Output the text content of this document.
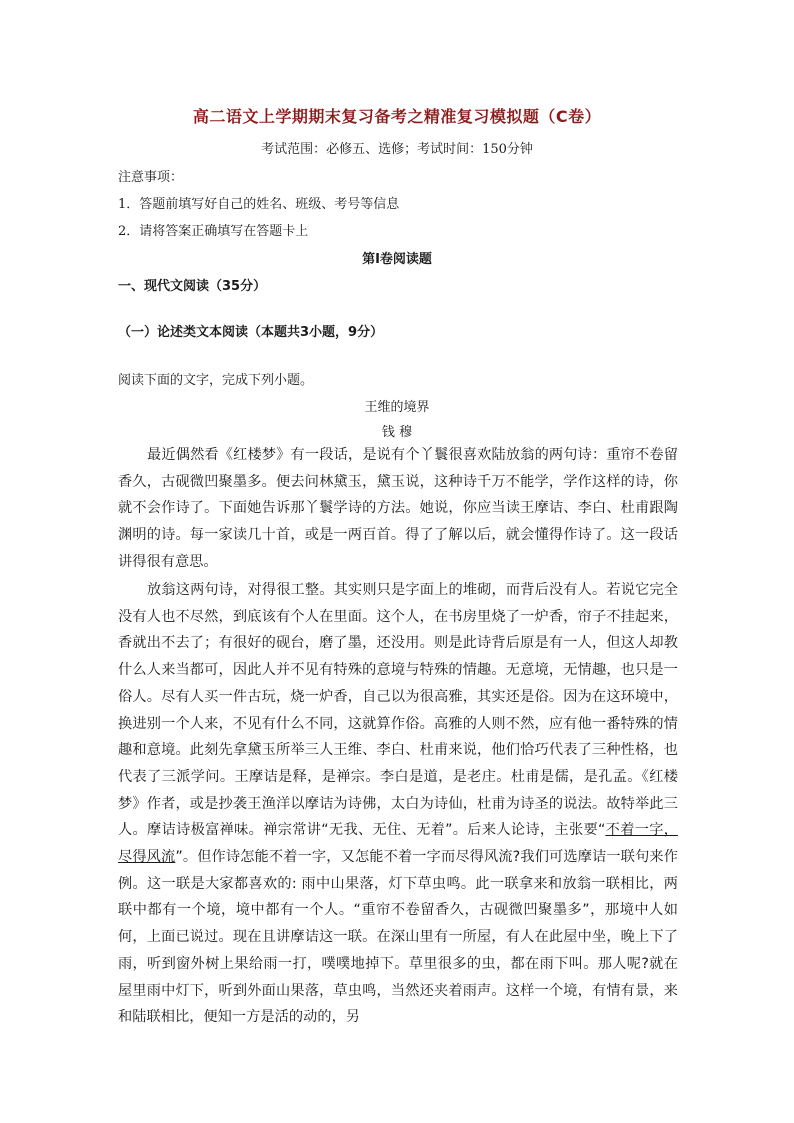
高二语文上学期期末复习备考之精准复习模拟题（C卷）
考试范围：必修五、选修；考试时间：150分钟
注意事项：
1．答题前填写好自己的姓名、班级、考号等信息
2．请将答案正确填写在答题卡上
第Ⅰ卷阅读题
一、现代文阅读（35分）
（一）论述类文本阅读（本题共3小题，9分）
阅读下面的文字，完成下列小题。
王维的境界
钱 穆

最近偶然看《红楼梦》有一段话，是说有个丫鬟很喜欢陆放翁的两句诗：重帘不卷留香久，古砚微凹聚墨多。便去问林黛玉，黛玉说，这种诗千万不能学，学作这样的诗，你就不会作诗了。下面她告诉那丫鬟学诗的方法。她说，你应当读王摩诘、李白、杜甫跟陶渊明的诗。每一家读几十首，或是一两百首。得了了解以后，就会懂得作诗了。这一段话讲得很有意思。

放翁这两句诗，对得很工整。其实则只是字面上的堆砌，而背后没有人。若说它完全没有人也不尽然，到底该有个人在里面。这个人，在书房里烧了一炉香，帘子不挂起来，香就出不去了；有很好的砚台，磨了墨，还没用。则是此诗背后原是有一人，但这人却教什么人来当都可，因此人并不见有特殊的意境与特殊的情趣。无意境，无情趣，也只是一俗人。尽有人买一件古玩，烧一炉香，自己以为很高雅，其实还是俗。因为在这环境中，换进别一个人来，不见有什么不同，这就算作俗。高雅的人则不然，应有他一番特殊的情趣和意境。此刻先拿黛玉所举三人王维、李白、杜甫来说，他们恰巧代表了三种性格，也代表了三派学问。王摩诘是释，是禅宗。李白是道，是老庄。杜甫是儒，是孔孟。《红楼梦》作者，或是抄袭王渔洋以摩诘为诗佛，太白为诗仙，杜甫为诗圣的说法。故特举此三人。摩诘诗极富禅味。禅宗常讲“无我、无住、无着”。后来人论诗，主张要“不着一字，尽得风流”。但作诗怎能不着一字，又怎能不着一字而尽得风流?我们可选摩诘一联句来作例。这一联是大家都喜欢的: 雨中山果落，灯下草虫鸣。此一联拿来和放翁一联相比，两联中都有一个境，境中都有一个人。“重帘不卷留香久，古砚微凹聚墨多”，那境中人如何，上面已说过。现在且讲摩诘这一联。在深山里有一所屋，有人在此屋中坐，晚上下了雨，听到窗外树上果给雨一打，噗噗地掉下。草里很多的虫，都在雨下叫。那人呢?就在屋里雨中灯下，听到外面山果落，草虫鸣，当然还夹着雨声。这样一个境，有情有景，来和陆联相比，便知一方是活的动的，另
